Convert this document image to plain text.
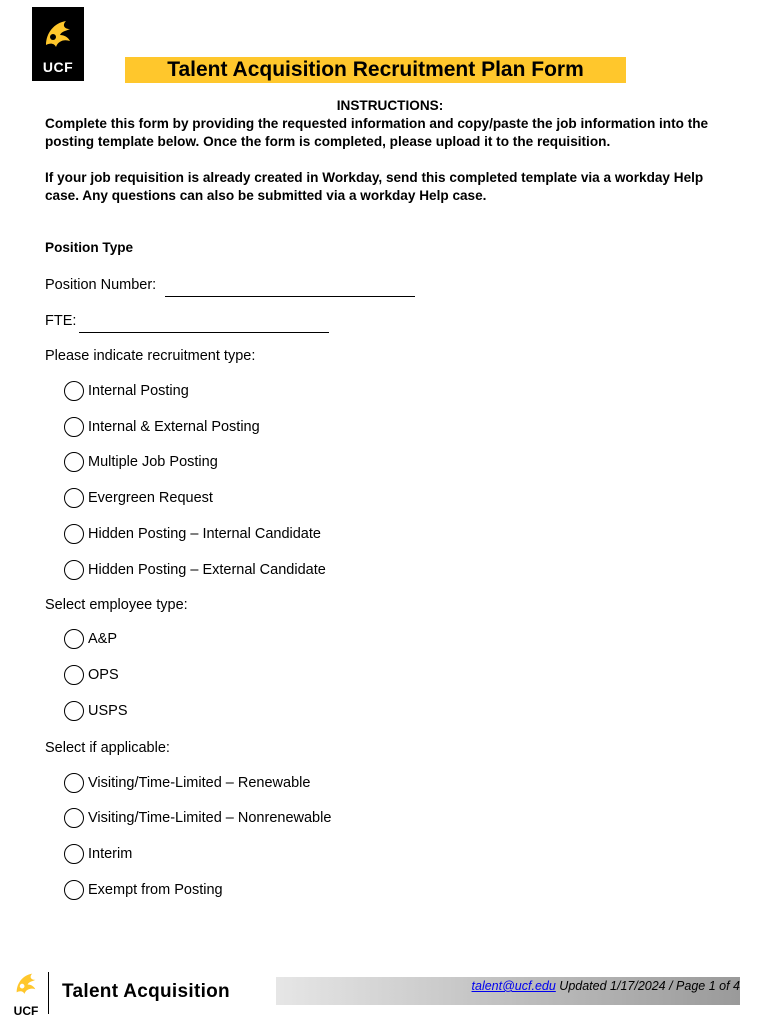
UCF	Talent Acquisition Recruitment Plan Form
INSTRUCTIONS:

Complete this form by providing the requested information and copy/paste the job information into the posting template below. Once the form is completed, please upload it to the requisition.

If your job requisition is already created in Workday, send this completed template via a workday Help case. Any questions can also be submitted via a workday Help case.

Position Type
Position Number:
FTE:
Please indicate recruitment type:
Internal Posting
Internal & External Posting
Multiple Job Posting
Evergreen Request
Hidden Posting – Internal Candidate
Hidden Posting – External Candidate
Select employee type:
A&P
OPS
USPS
Select if applicable:
Visiting/Time-Limited – Renewable
Visiting/Time-Limited – Nonrenewable
Interim
Exempt from Posting
UCF
Talent Acquisition	talent@ucf.edu Updated 1/17/2024 / Page 1 of 4
